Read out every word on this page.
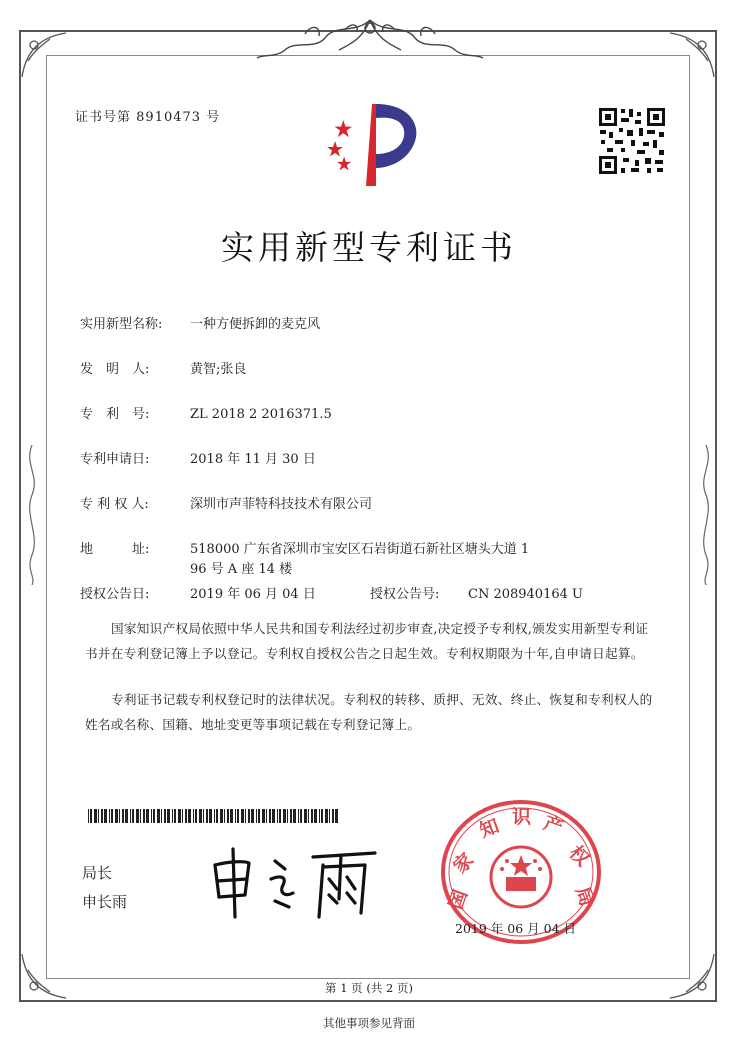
证书号第 8910473 号
实用新型专利证书
实用新型名称: 一种方便拆卸的麦克风
发　明　人:	黄智;张良
专　利　号:	ZL 2018 2 2016371.5
专利申请日:	2018 年 11 月 30 日
专 利 权 人:	深圳市声菲特科技技术有限公司
地　　　址:	518000 广东省深圳市宝安区石岩街道石新社区塘头大道 1
96 号 A 座 14 楼
授权公告日:	2019 年 06 月 04 日	授权公告号: CN 208940164 U
国家知识产权局依照中华人民共和国专利法经过初步审查,决定授予专利权,颁发实用新型专利证书并在专利登记簿上予以登记。专利权自授权公告之日起生效。专利权期限为十年,自申请日起算。
专利证书记载专利权登记时的法律状况。专利权的转移、质押、无效、终止、恢复和专利权人的姓名或名称、国籍、地址变更等事项记载在专利登记簿上。
局长
申长雨	国
家
知 识 产
权
局
2019 年 06 月 04 日
第 1 页 (共 2 页)
其他事项参见背面
